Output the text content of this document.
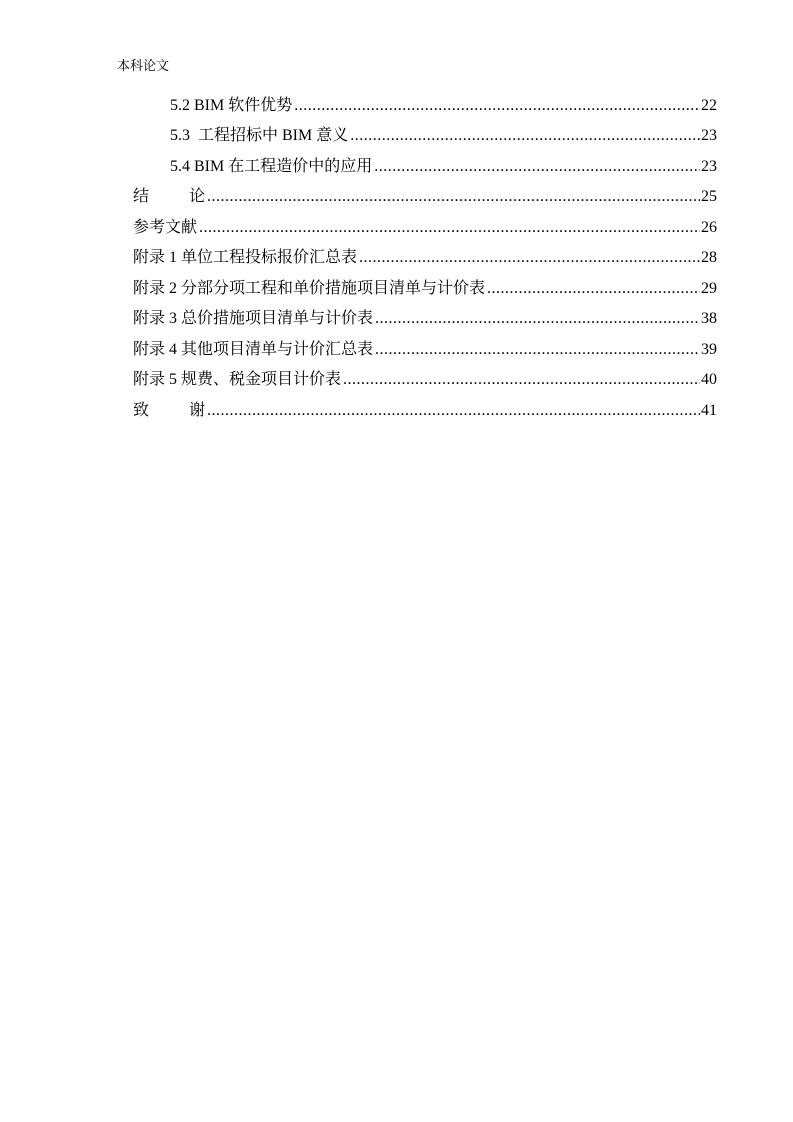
本科论文
5.2 BIM 软件优势 .....	22
5.3  工程招标中 BIM 意义 .....	23
5.4 BIM 在工程造价中的应用 .....	23
结 论 .....	25
参考文献 .....	26
附录 1 单位工程投标报价汇总表 .....	28
附录 2 分部分项工程和单价措施项目清单与计价表 .....	29
附录 3 总价措施项目清单与计价表 .....	38
附录 4 其他项目清单与计价汇总表 .....	39
附录 5 规费、税金项目计价表 .....	40
致 谢 .....	41
